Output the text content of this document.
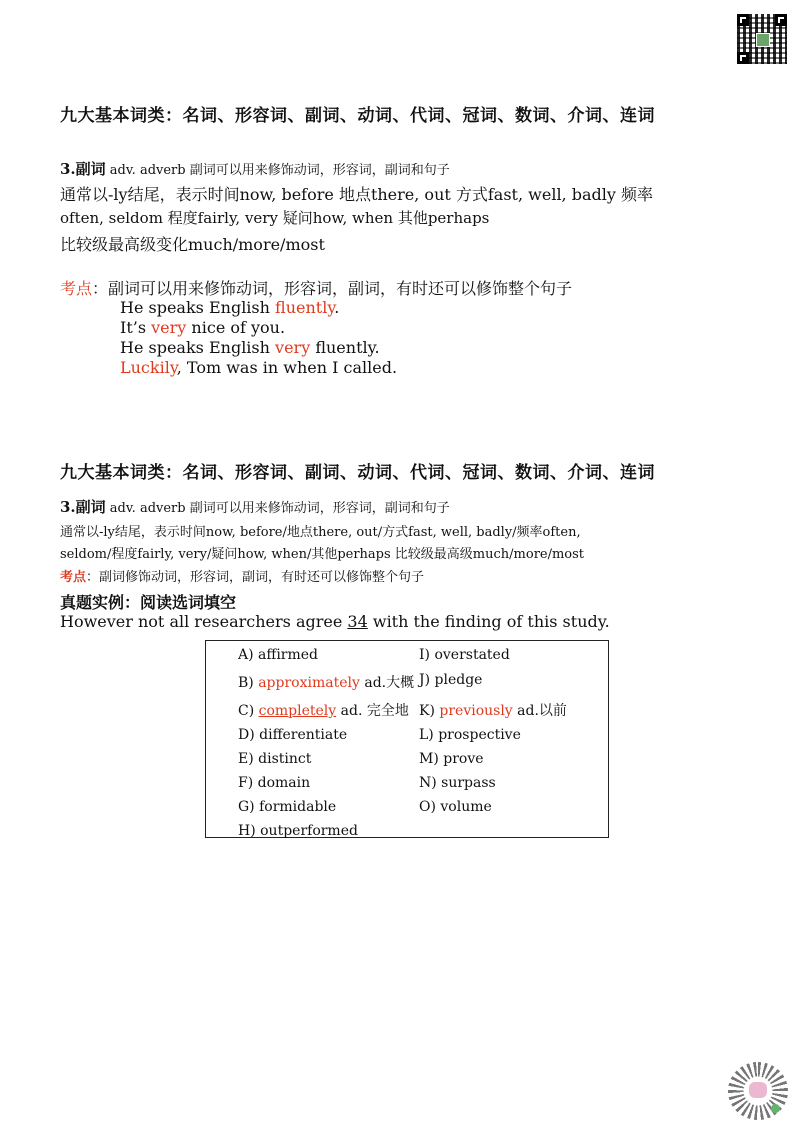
九大基本词类：名词、形容词、副词、动词、代词、冠词、数词、介词、连词
3.副词 adv. adverb 副词可以用来修饰动词，形容词，副词和句子
通常以-ly结尾，表示时间now, before 地点there, out 方式fast, well, badly 频率
often, seldom 程度fairly, very 疑问how, when 其他perhaps
比较级最高级变化much/more/most
考点：副词可以用来修饰动词，形容词，副词，有时还可以修饰整个句子
He speaks English fluently.
It’s very nice of you.
He speaks English very fluently.
Luckily, Tom was in when I called.
九大基本词类：名词、形容词、副词、动词、代词、冠词、数词、介词、连词
3.副词 adv. adverb 副词可以用来修饰动词，形容词，副词和句子
通常以-ly结尾，表示时间now, before/地点there, out/方式fast, well, badly/频率often,
seldom/程度fairly, very/疑问how, when/其他perhaps 比较级最高级much/more/most
考点：副词修饰动词，形容词，副词，有时还可以修饰整个句子
真题实例：阅读选词填空
However not all researchers agree 34 with the finding of this study.
A) affirmed	I) overstated
B) approximately ad.大概 J) pledge
C) completely ad. 完全地 K) previously ad.以前
D) differentiate	L) prospective
E) distinct	M) prove
F) domain	N) surpass
G) formidable	O) volume
H) outperformed
